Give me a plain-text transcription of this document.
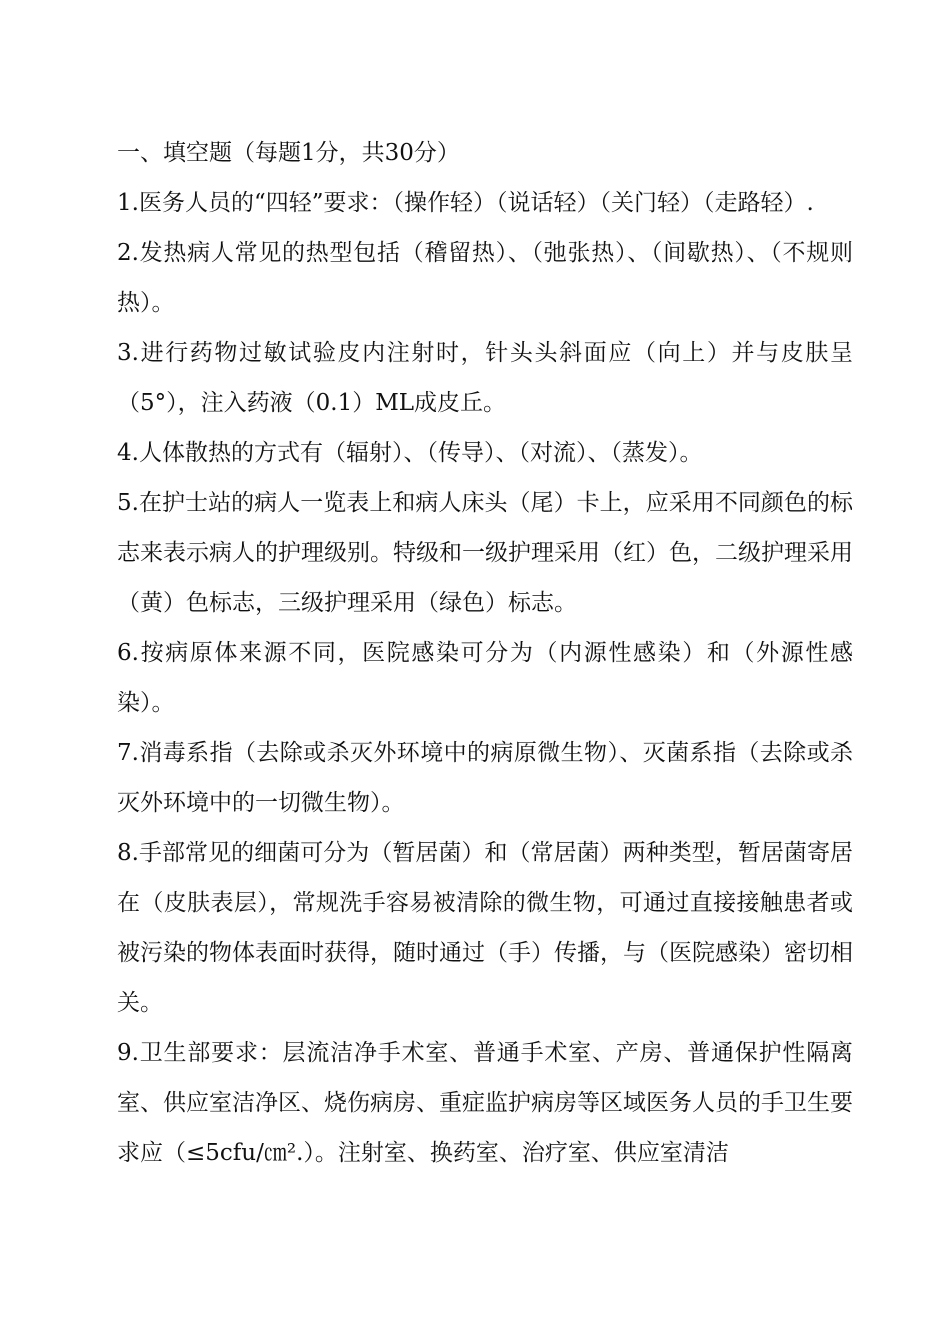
一、填空题（每题1分，共30分）

1.医务人员的“四轻”要求：（操作轻）（说话轻）（关门轻）（走路轻）.

2.发热病人常见的热型包括（稽留热）、（弛张热）、（间歇热）、（不规则热）。

3.进行药物过敏试验皮内注射时，针头头斜面应（向上）并与皮肤呈（5°），注入药液（0.1）ML成皮丘。

4.人体散热的方式有（辐射）、（传导）、（对流）、（蒸发）。

5.在护士站的病人一览表上和病人床头（尾）卡上，应采用不同颜色的标志来表示病人的护理级别。特级和一级护理采用（红）色，二级护理采用（黄）色标志，三级护理采用（绿色）标志。

6.按病原体来源不同，医院感染可分为（内源性感染）和（外源性感染）。

7.消毒系指（去除或杀灭外环境中的病原微生物）、灭菌系指（去除或杀灭外环境中的一切微生物）。

8.手部常见的细菌可分为（暂居菌）和（常居菌）两种类型，暂居菌寄居在（皮肤表层），常规洗手容易被清除的微生物，可通过直接接触患者或被污染的物体表面时获得，随时通过（手）传播，与（医院感染）密切相关。

9.卫生部要求：层流洁净手术室、普通手术室、产房、普通保护性隔离室、供应室洁净区、烧伤病房、重症监护病房等区域医务人员的手卫生要求应（≤5cfu/㎝².）。注射室、换药室、治疗室、供应室清洁
